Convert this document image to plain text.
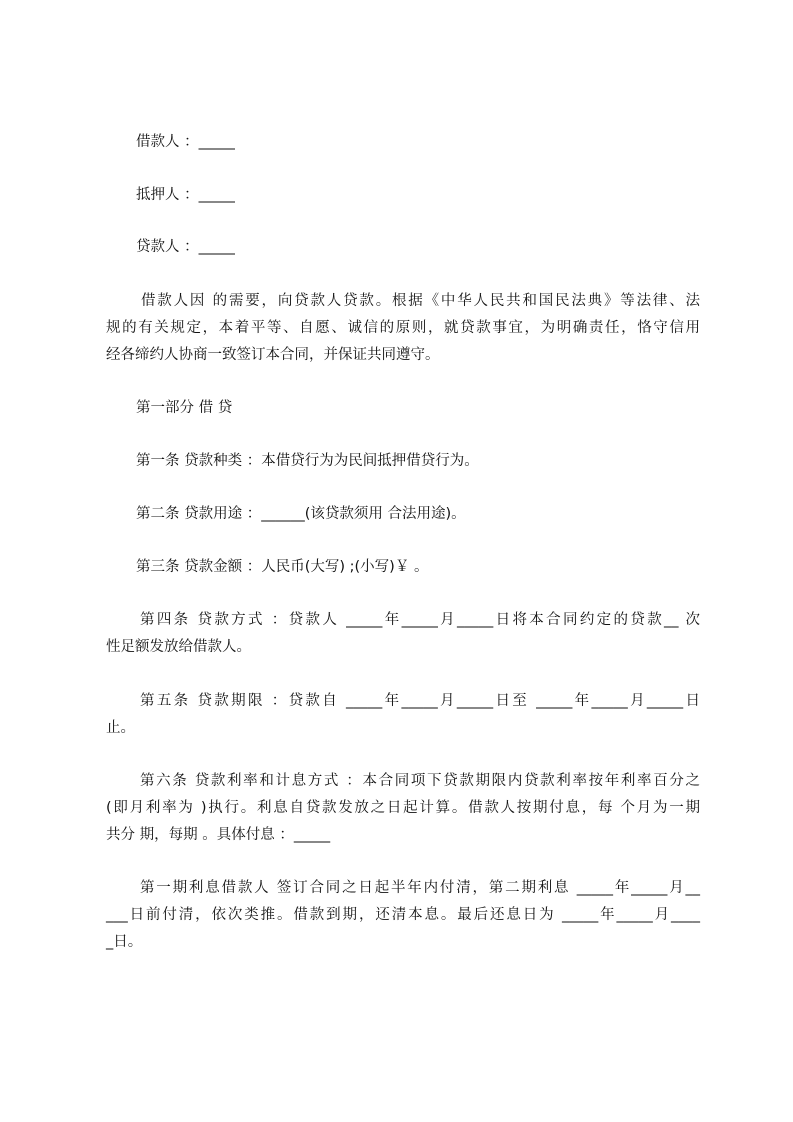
借款人 ：_____
抵押人 ：_____
贷款人 ：_____
借款人因 的需要，向贷款人贷款。根据《中华人民共和国民法典》等法律、法
规的有关规定，本着平等、自愿、诚信的原则，就贷款事宜，为明确责任，恪守信用
经各缔约人协商一致签订本合同，并保证共同遵守。
第一部分 借 贷
第一条 贷款种类 ：本借贷行为为民间抵押借贷行为。
第二条 贷款用途 ：______(该贷款须用 合法用途)。
第三条 贷款金额 ：人民币(大写) ;(小写)￥ 。
第四条 贷款方式 ：贷款人 _____年_____月_____日将本合同约定的贷款__ 次
性足额发放给借款人。
第五条 贷款期限 ：贷款自 _____年_____月_____日至 _____年_____月_____日
止。
第六条 贷款利率和计息方式 ：本合同项下贷款期限内贷款利率按年利率百分之
(即月利率为 )执行。利息自贷款发放之日起计算。借款人按期付息，每 个月为一期
共分 期，每期 。具体付息 ：_____
第一期利息借款人 签订合同之日起半年内付清，第二期利息 _____年_____月__
___日前付清，依次类推。借款到期，还清本息。最后还息日为 _____年_____月____
_日。
